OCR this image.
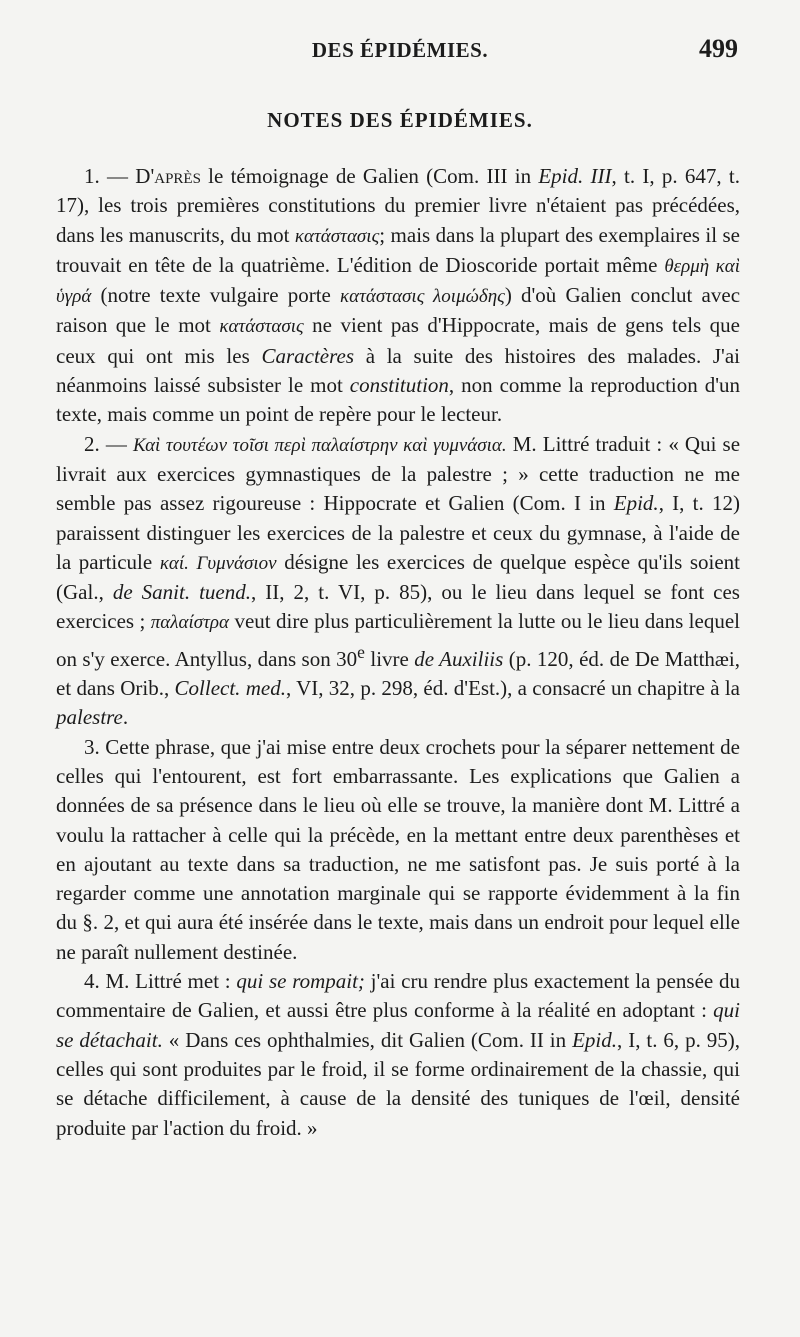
DES ÉPIDÉMIES.	499
NOTES DES ÉPIDÉMIES.

1. — D'après le témoignage de Galien (Com. III in Epid. III, t. I, p. 647, t. 17), les trois premières constitutions du premier livre n'étaient pas précédées, dans les manuscrits, du mot κατάστασις; mais dans la plupart des exemplaires il se trouvait en tête de la quatrième. L'édition de Dioscoride portait même θερμὴ καὶ ὑγρά (notre texte vulgaire porte κατάστασις λοιμώδης) d'où Galien conclut avec raison que le mot κατάστασις ne vient pas d'Hippocrate, mais de gens tels que ceux qui ont mis les Caractères à la suite des histoires des malades. J'ai néanmoins laissé subsister le mot constitution, non comme la reproduction d'un texte, mais comme un point de repère pour le lecteur.

2. — Καὶ τουτέων τοῖσι περὶ παλαίστρην καὶ γυμνάσια. M. Littré traduit : « Qui se livrait aux exercices gymnastiques de la palestre ; » cette traduction ne me semble pas assez rigoureuse : Hippocrate et Galien (Com. I in Epid., I, t. 12) paraissent distinguer les exercices de la palestre et ceux du gymnase, à l'aide de la particule καί. Γυμνάσιον désigne les exercices de quelque espèce qu'ils soient (Gal., de Sanit. tuend., II, 2, t. VI, p. 85), ou le lieu dans lequel se font ces exercices ; παλαίστρα veut dire plus particulièrement la lutte ou le lieu dans lequel on s'y exerce. Antyllus, dans son 30e livre de Auxiliis (p. 120, éd. de De Matthæi, et dans Orib., Collect. med., VI, 32, p. 298, éd. d'Est.), a consacré un chapitre à la palestre.

3. Cette phrase, que j'ai mise entre deux crochets pour la séparer nettement de celles qui l'entourent, est fort embarrassante. Les explications que Galien a données de sa présence dans le lieu où elle se trouve, la manière dont M. Littré a voulu la rattacher à celle qui la précède, en la mettant entre deux parenthèses et en ajoutant au texte dans sa traduction, ne me satisfont pas. Je suis porté à la regarder comme une annotation marginale qui se rapporte évidemment à la fin du §. 2, et qui aura été insérée dans le texte, mais dans un endroit pour lequel elle ne paraît nullement destinée.

4. M. Littré met : qui se rompait; j'ai cru rendre plus exactement la pensée du commentaire de Galien, et aussi être plus conforme à la réalité en adoptant : qui se détachait. « Dans ces ophthalmies, dit Galien (Com. II in Epid., I, t. 6, p. 95), celles qui sont produites par le froid, il se forme ordinairement de la chassie, qui se détache difficilement, à cause de la densité des tuniques de l'œil, densité produite par l'action du froid. »
